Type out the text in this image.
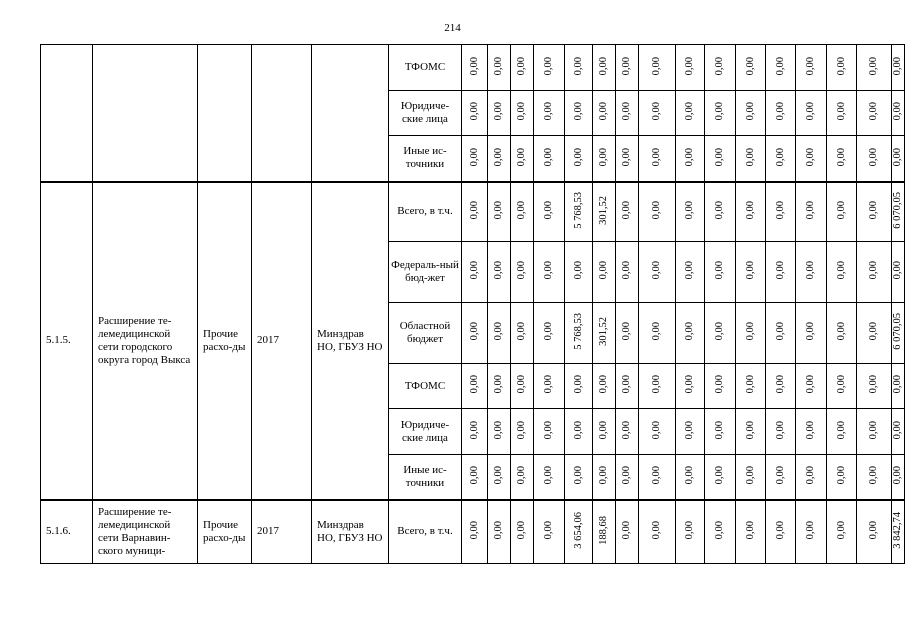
214
					ТФОМС	0,00	0,00	0,00	0,00	0,00	0,00	0,00	0,00	0,00	0,00	0,00	0,00	0,00	0,00	0,00	0,00
					Юридиче-ские лица	0,00	0,00	0,00	0,00	0,00	0,00	0,00	0,00	0,00	0,00	0,00	0,00	0,00	0,00	0,00	0,00
					Иные ис-точники	0,00	0,00	0,00	0,00	0,00	0,00	0,00	0,00	0,00	0,00	0,00	0,00	0,00	0,00	0,00	0,00
5.1.5.	Расширение те-лемедицинской сети городского округа город Выкса	Прочие расхо-ды	2017	Минздрав НО, ГБУЗ НО	Всего, в т.ч.	0,00	0,00	0,00	0,00	5 768,53	301,52	0,00	0,00	0,00	0,00	0,00	0,00	0,00	0,00	0,00	6 070,05
					Федераль-ный бюд-жет	0,00	0,00	0,00	0,00	0,00	0,00	0,00	0,00	0,00	0,00	0,00	0,00	0,00	0,00	0,00	0,00
					Областной бюджет	0,00	0,00	0,00	0,00	5 768,53	301,52	0,00	0,00	0,00	0,00	0,00	0,00	0,00	0,00	0,00	6 070,05
					ТФОМС	0,00	0,00	0,00	0,00	0,00	0,00	0,00	0,00	0,00	0,00	0,00	0,00	0,00	0,00	0,00	0,00
					Юридиче-ские лица	0,00	0,00	0,00	0,00	0,00	0,00	0,00	0,00	0,00	0,00	0,00	0,00	0,00	0,00	0,00	0,00
					Иные ис-точники	0,00	0,00	0,00	0,00	0,00	0,00	0,00	0,00	0,00	0,00	0,00	0,00	0,00	0,00	0,00	0,00
5.1.6.	Расширение те-лемедицинской сети Варнавин-ского муници-	Прочие расхо-ды	2017	Минздрав НО, ГБУЗ НО	Всего, в т.ч.	0,00	0,00	0,00	0,00	3 654,06	188,68	0,00	0,00	0,00	0,00	0,00	0,00	0,00	0,00	0,00	3 842,74
